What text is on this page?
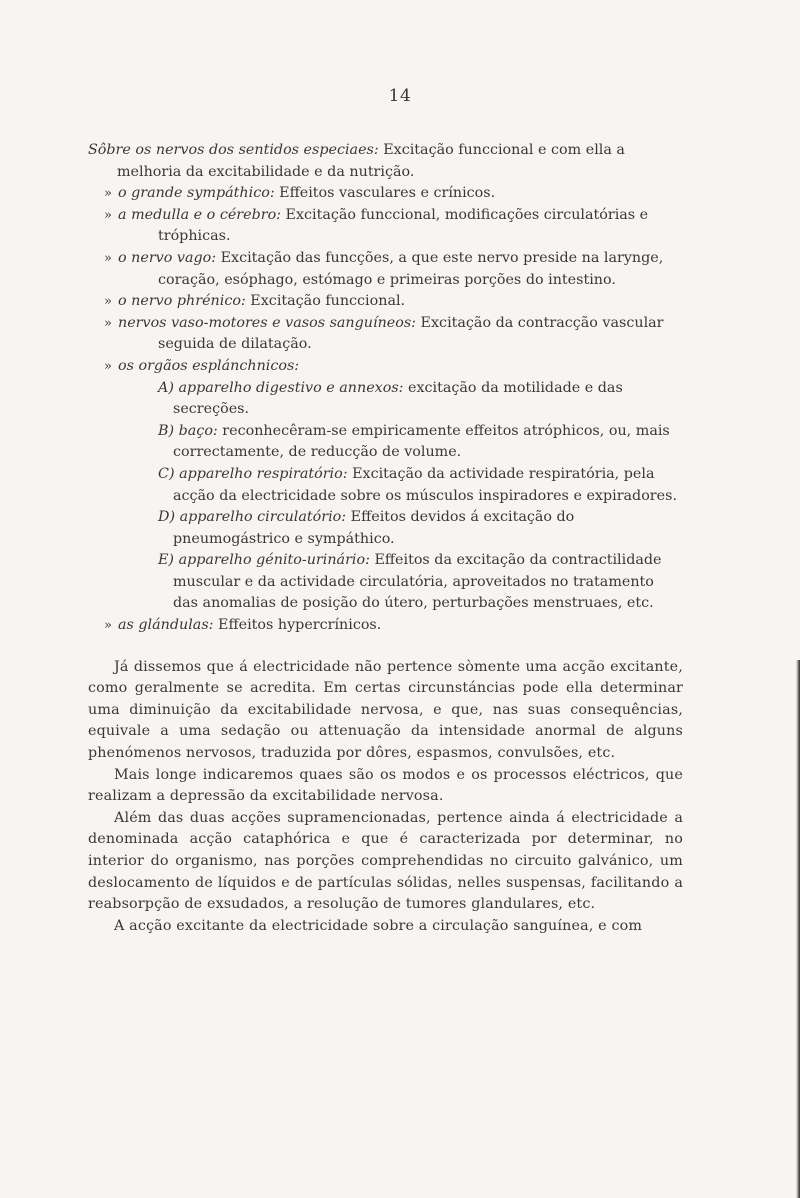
14

Sôbre os nervos dos sentidos especiaes: Excitação funccional e com ella a melhoria da excitabilidade e da nutrição.

» o grande sympáthico: Effeitos vasculares e crínicos.

» a medulla e o cérebro: Excitação funccional, modificações circulatórias e tróphicas.

» o nervo vago: Excitação das funcções, a que este nervo preside na larynge, coração, esóphago, estómago e primeiras porções do intestino.

» o nervo phrénico: Excitação funccional.

» nervos vaso-motores e vasos sanguíneos: Excitação da contracção vascular seguida de dilatação.

» os orgãos esplánchnicos:

A) apparelho digestivo e annexos: excitação da motilidade e das secreções.

B) baço: reconhecêram-se empiricamente effeitos atróphicos, ou, mais correctamente, de reducção de volume.

C) apparelho respiratório: Excitação da actividade respiratória, pela acção da electricidade sobre os músculos inspiradores e expiradores.

D) apparelho circulatório: Effeitos devidos á excitação do pneumogástrico e sympáthico.

E) apparelho génito-urinário: Effeitos da excitação da contractilidade muscular e da actividade circulatória, aproveitados no tratamento das anomalias de posição do útero, perturbações menstruaes, etc.

» as glándulas: Effeitos hypercrínicos.

Já dissemos que á electricidade não pertence sòmente uma acção excitante, como geralmente se acredita. Em certas circunstáncias pode ella determinar uma diminuição da excitabilidade nervosa, e que, nas suas consequências, equivale a uma sedação ou attenuação da intensidade anormal de alguns phenómenos nervosos, traduzida por dôres, espasmos, convulsões, etc.

Mais longe indicaremos quaes são os modos e os processos eléctricos, que realizam a depressão da excitabilidade nervosa.

Além das duas acções supramencionadas, pertence ainda á electricidade a denominada acção cataphórica e que é caracterizada por determinar, no interior do organismo, nas porções comprehendidas no circuito galvánico, um deslocamento de líquidos e de partículas sólidas, nelles suspensas, facilitando a reabsorpção de exsudados, a resolução de tumores glandulares, etc.

A acção excitante da electricidade sobre a circulação sanguínea, e com
